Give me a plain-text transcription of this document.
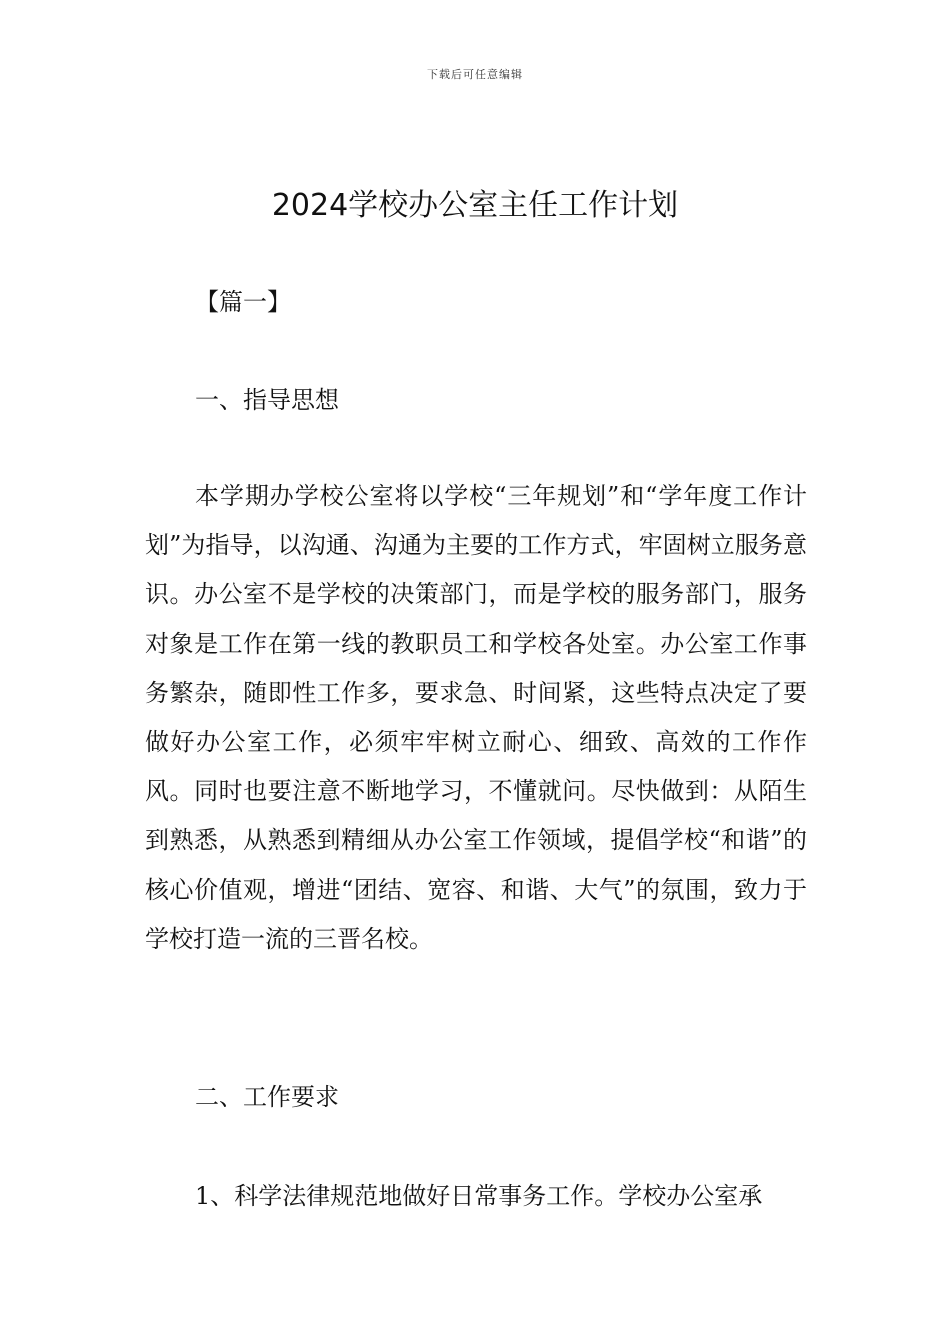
下载后可任意编辑
2024学校办公室主任工作计划
【篇一】
一、指导思想

本学期办学校公室将以学校“三年规划”和“学年度工作计划”为指导，以沟通、沟通为主要的工作方式，牢固树立服务意识。办公室不是学校的决策部门，而是学校的服务部门，服务对象是工作在第一线的教职员工和学校各处室。办公室工作事务繁杂，随即性工作多，要求急、时间紧，这些特点决定了要做好办公室工作，必须牢牢树立耐心、细致、高效的工作作风。同时也要注意不断地学习，不懂就问。尽快做到：从陌生到熟悉，从熟悉到精细从办公室工作领域，提倡学校“和谐”的核心价值观，增进“团结、宽容、和谐、大气”的氛围，致力于学校打造一流的三晋名校。

二、工作要求

1、科学法律规范地做好日常事务工作。学校办公室承
